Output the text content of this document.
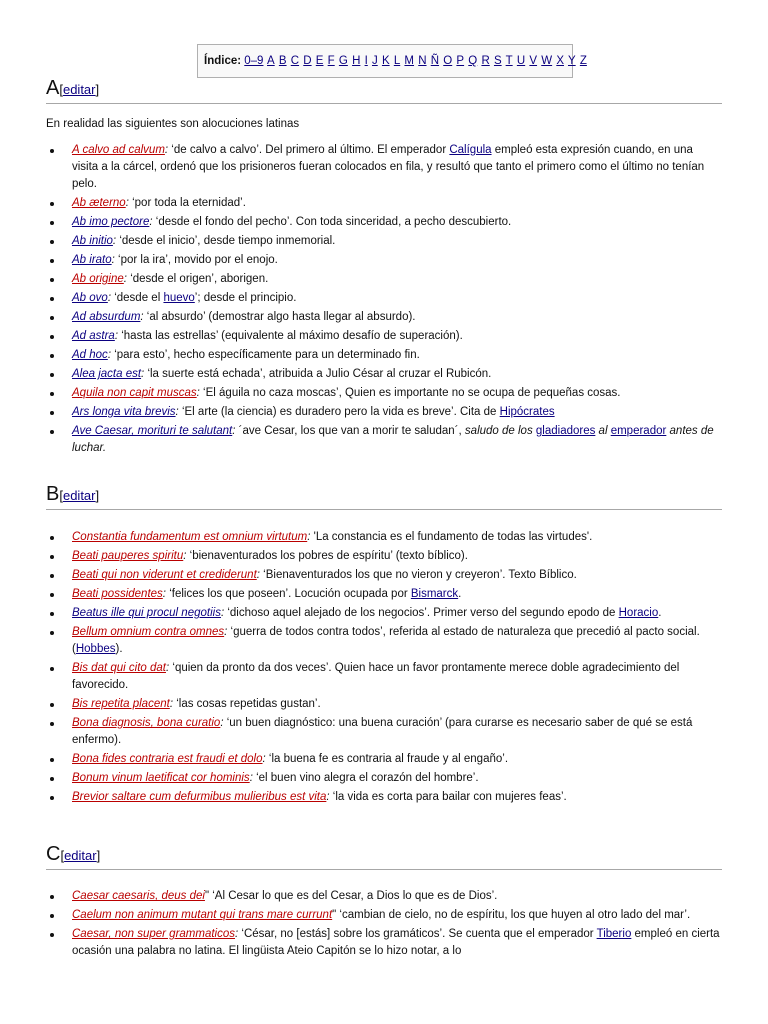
Índice: 0–9 A B C D E F G H I J K L M N Ñ O P Q R S T U V W X Y Z
A[editar]

En realidad las siguientes son alocuciones latinas

A calvo ad calvum: ‘de calvo a calvo’. Del primero al último. El emperador Calígula empleó esta expresión cuando, en una visita a la cárcel, ordenó que los prisioneros fueran colocados en fila, y resultó que tanto el primero como el último no tenían pelo.
Ab æterno: ‘por toda la eternidad’.
Ab imo pectore: ‘desde el fondo del pecho’. Con toda sinceridad, a pecho descubierto.
Ab initio: ‘desde el inicio’, desde tiempo inmemorial.
Ab irato: ‘por la ira’, movido por el enojo.
Ab origine: ‘desde el origen’, aborigen.
Ab ovo: ‘desde el huevo’; desde el principio.
Ad absurdum: ‘al absurdo’ (demostrar algo hasta llegar al absurdo).
Ad astra: ‘hasta las estrellas’ (equivalente al máximo desafío de superación).
Ad hoc: ‘para esto’, hecho específicamente para un determinado fin.
Alea jacta est: ‘la suerte está echada’, atribuida a Julio César al cruzar el Rubicón.
Aquila non capit muscas: ‘El águila no caza moscas’, Quien es importante no se ocupa de pequeñas cosas.
Ars longa vita brevis: ‘El arte (la ciencia) es duradero pero la vida es breve’. Cita de Hipócrates
Ave Caesar, morituri te salutant: ´ave Cesar, los que van a morir te saludan´, saludo de los gladiadores al emperador antes de luchar.
B[editar]
Constantia fundamentum est omnium virtutum: 'La constancia es el fundamento de todas las virtudes'.
Beati pauperes spiritu: ‘bienaventurados los pobres de espíritu’ (texto bíblico).
Beati qui non viderunt et crediderunt: ‘Bienaventurados los que no vieron y creyeron’. Texto Bíblico.
Beati possidentes: ‘felices los que poseen’. Locución ocupada por Bismarck.
Beatus ille qui procul negotiis: ‘dichoso aquel alejado de los negocios’. Primer verso del segundo epodo de Horacio.
Bellum omnium contra omnes: ‘guerra de todos contra todos’, referida al estado de naturaleza que precedió al pacto social. (Hobbes).
Bis dat qui cito dat: ‘quien da pronto da dos veces’. Quien hace un favor prontamente merece doble agradecimiento del favorecido.
Bis repetita placent: ‘las cosas repetidas gustan’.
Bona diagnosis, bona curatio: ‘un buen diagnóstico: una buena curación’ (para curarse es necesario saber de qué se está enfermo).
Bona fides contraria est fraudi et dolo: ‘la buena fe es contraria al fraude y al engaño’.
Bonum vinum laetificat cor hominis: ‘el buen vino alegra el corazón del hombre’.
Brevior saltare cum defurmibus mulieribus est vita: ‘la vida es corta para bailar con mujeres feas’.
C[editar]
Caesar caesaris, deus dei" ‘Al Cesar lo que es del Cesar, a Dios lo que es de Dios’.
Caelum non animum mutant qui trans mare currunt" ‘cambian de cielo, no de espíritu, los que huyen al otro lado del mar’.
Caesar, non super grammaticos: ‘César, no [estás] sobre los gramáticos’. Se cuenta que el emperador Tiberio empleó en cierta ocasión una palabra no latina. El lingüista Ateio Capitón se lo hizo notar, a lo
